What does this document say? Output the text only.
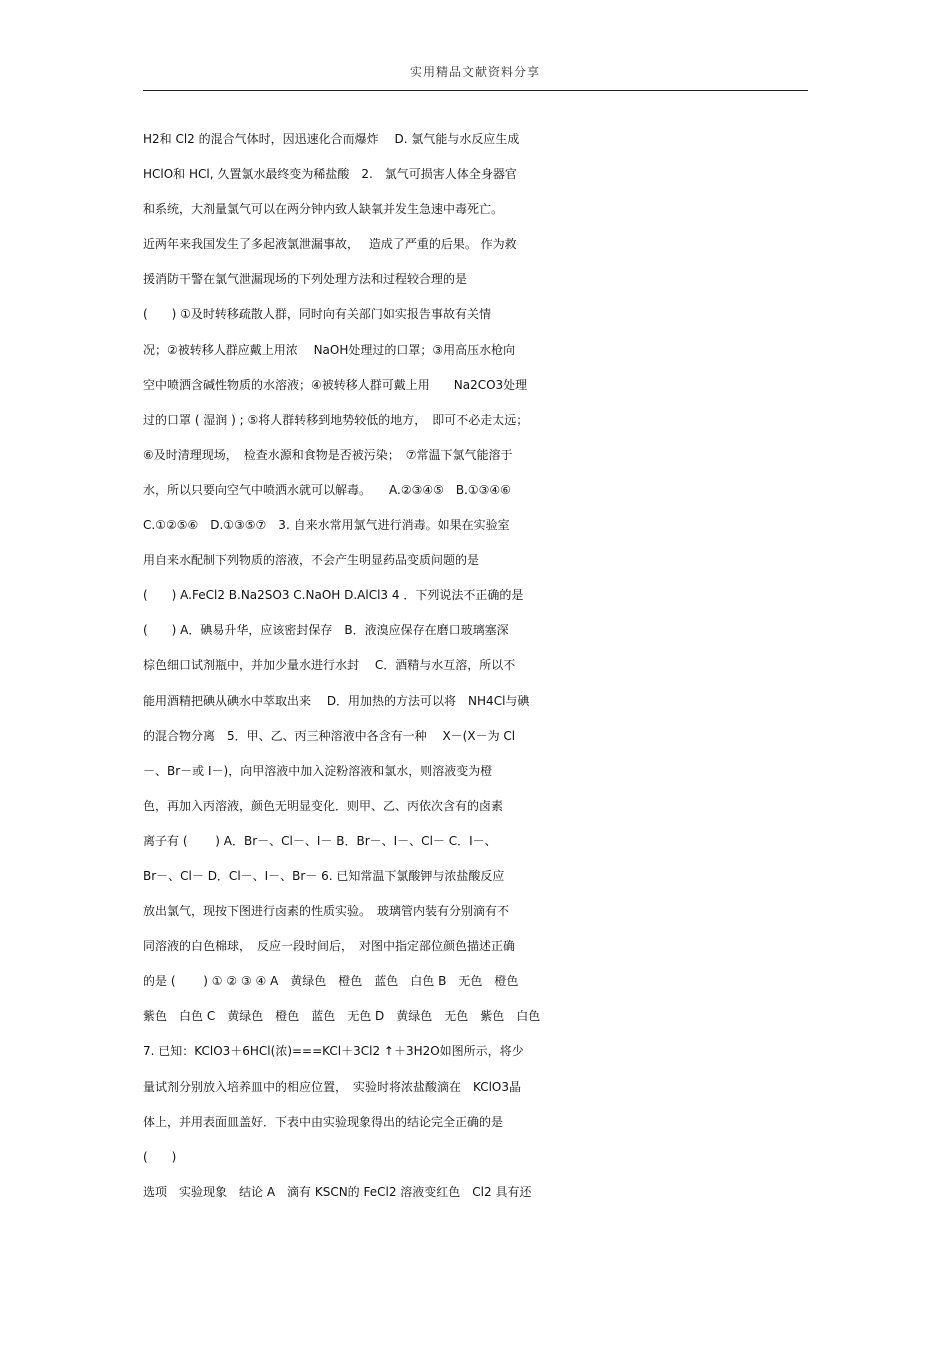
实用精品文献资料分享
H2和 Cl2 的混合气体时，因迅速化合而爆炸　 D. 氯气能与水反应生成
HClO和 HCl, 久置氯水最终变为稀盐酸　2.　氯气可损害人体全身器官
和系统，大剂量氯气可以在两分钟内致人缺氧并发生急速中毒死亡。
近两年来我国发生了多起液氯泄漏事故，　 造成了严重的后果。 作为救
援消防干警在氯气泄漏现场的下列处理方法和过程较合理的是
(　　) ①及时转移疏散人群，同时向有关部门如实报告事故有关情
况；②被转移人群应戴上用浓　 NaOH处理过的口罩；③用高压水枪向
空中喷洒含碱性物质的水溶液；④被转移人群可戴上用　　Na2CO3处理
过的口罩 ( 湿润 ) ; ⑤将人群转移到地势较低的地方，　即可不必走太远；
⑥及时清理现场，　检查水源和食物是否被污染；　⑦常温下氯气能溶于
水，所以只要向空气中喷洒水就可以解毒。　　A.②③④⑤　B.①③④⑥
C.①②⑤⑥　D.①③⑤⑦　3. 自来水常用氯气进行消毒。如果在实验室
用自来水配制下列物质的溶液，不会产生明显药品变质问题的是
(　　) A.FeCl2 B.Na2SO3 C.NaOH D.AlCl3 4 ．下列说法不正确的是
(　　) A．碘易升华，应该密封保存　B．液溴应保存在磨口玻璃塞深
棕色细口试剂瓶中，并加少量水进行水封　 C．酒精与水互溶，所以不
能用酒精把碘从碘水中萃取出来　 D．用加热的方法可以将　NH4Cl与碘
的混合物分离　5．甲、乙、丙三种溶液中各含有一种　 X－(X－为 Cl
－、Br－或 I－)，向甲溶液中加入淀粉溶液和氯水，则溶液变为橙
色，再加入丙溶液，颜色无明显变化．则甲、乙、丙依次含有的卤素
离子有 (　　 ) A．Br－、Cl－、I－ B．Br－、I－、Cl－ C．I－、
Br－、Cl－ D．Cl－、I－、Br－ 6. 已知常温下氯酸钾与浓盐酸反应
放出氯气，现按下图进行卤素的性质实验。　玻璃管内装有分别滴有不
同溶液的白色棉球，　反应一段时间后，　对图中指定部位颜色描述正确
的是 (　　 ) ① ② ③ ④ A　黄绿色　橙色　蓝色　白色 B　无色　橙色
紫色　白色 C　黄绿色　橙色　蓝色　无色 D　黄绿色　无色　紫色　白色
7. 已知：KClO3＋6HCl(浓)===KCl＋3Cl2 ↑＋3H2O如图所示，将少
量试剂分别放入培养皿中的相应位置，　实验时将浓盐酸滴在　KClO3晶
体上，并用表面皿盖好．下表中由实验现象得出的结论完全正确的是
(　　)
选项　实验现象　结论 A　滴有 KSCN的 FeCl2 溶液变红色　Cl2 具有还
